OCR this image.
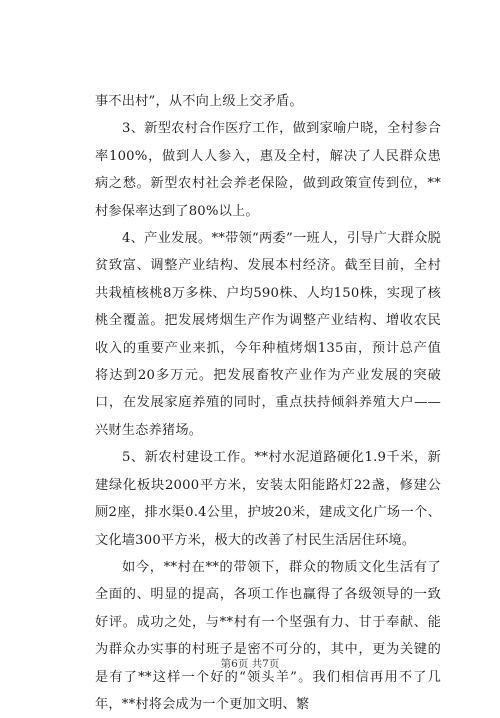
事不出村”，从不向上级上交矛盾。

3、新型农村合作医疗工作，做到家喻户晓，全村参合率100%，做到人人参入，惠及全村，解决了人民群众患病之愁。新型农村社会养老保险，做到政策宣传到位，**村参保率达到了80%以上。

4、产业发展。**带领“两委”一班人，引导广大群众脱贫致富、调整产业结构、发展本村经济。截至目前，全村共栽植核桃8万多株、户均590株、人均150株，实现了核桃全覆盖。把发展烤烟生产作为调整产业结构、增收农民收入的重要产业来抓，今年种植烤烟135亩，预计总产值将达到20多万元。把发展畜牧产业作为产业发展的突破口，在发展家庭养殖的同时，重点扶持倾斜养殖大户——兴财生态养猪场。

5、新农村建设工作。**村水泥道路硬化1.9千米，新建绿化板块2000平方米，安装太阳能路灯22盏，修建公厕2座，排水渠0.4公里，护坡20米，建成文化广场一个、文化墙300平方米，极大的改善了村民生活居住环境。

如今，**村在**的带领下，群众的物质文化生活有了全面的、明显的提高，各项工作也赢得了各级领导的一致好评。成功之处，与**村有一个坚强有力、甘于奉献、能为群众办实事的村班子是密不可分的，其中，更为关键的是有了**这样一个好的“领头羊”。我们相信再用不了几年，**村将会成为一个更加文明、繁

第6页 共7页
